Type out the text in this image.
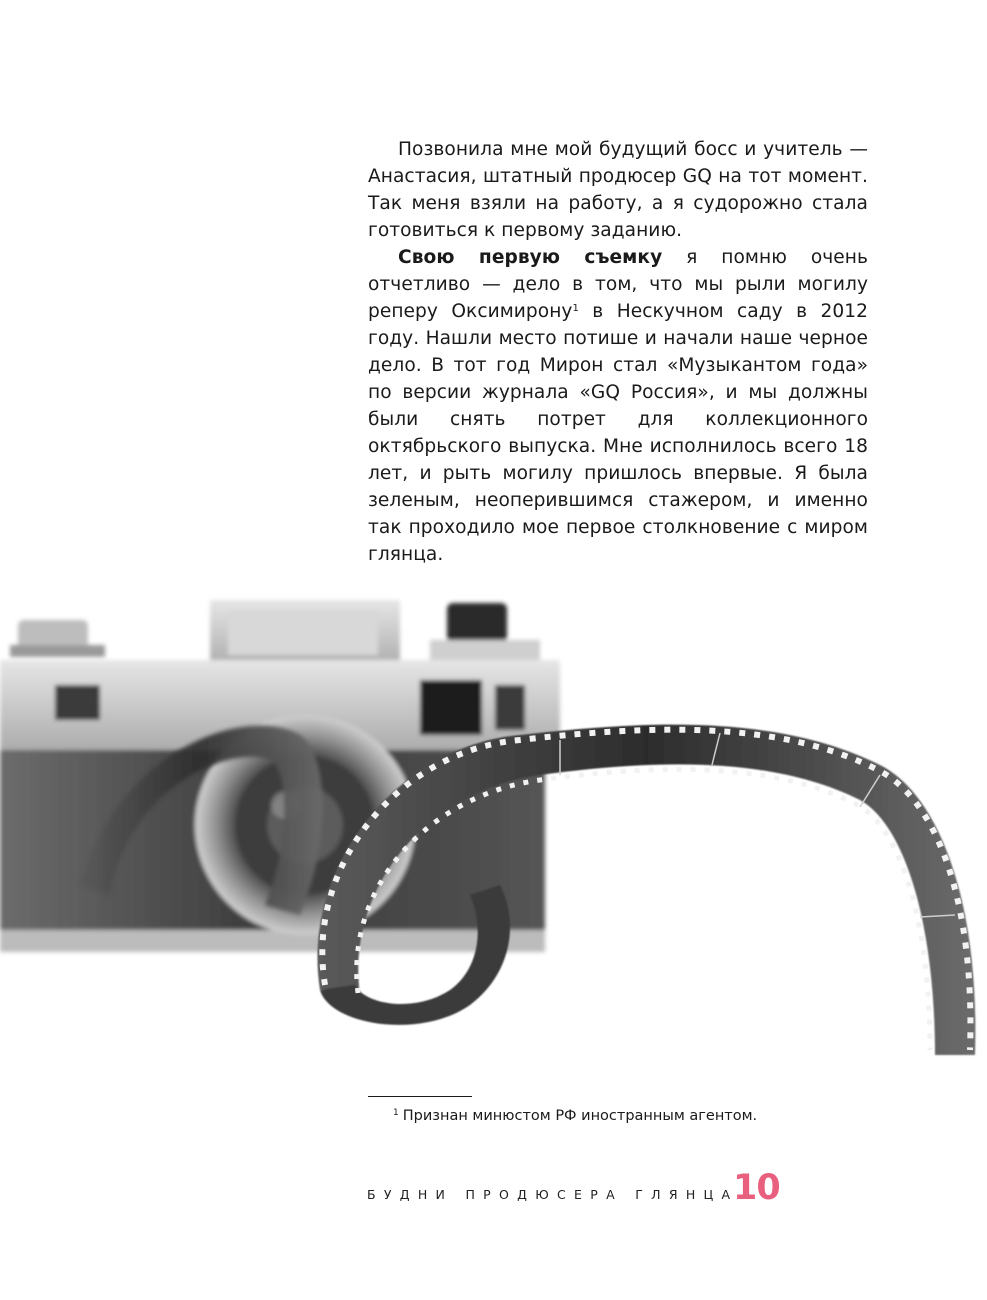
Позвонила мне мой будущий босс и учитель — Анастасия, штатный продюсер GQ на тот момент. Так меня взяли на работу, а я судорожно стала готовиться к первому заданию.

Свою первую съемку я помню очень отчетливо — дело в том, что мы рыли могилу реперу Оксимирону$^1$ в Нескучном саду в 2012 году. Нашли место потише и начали наше черное дело. В тот год Мирон стал «Музыкантом года» по версии журнала «GQ Россия», и мы должны были снять потрет для коллекционного октябрьского выпуска. Мне исполнилось всего 18 лет, и рыть могилу пришлось впервые. Я была зеленым, неоперившимся стажером, и именно так проходило мое первое столкновение с миром глянца.

$^1$ Признан минюстом РФ иностранным агентом.
БУДНИ ПРОДЮСЕРА ГЛЯНЦА
10
